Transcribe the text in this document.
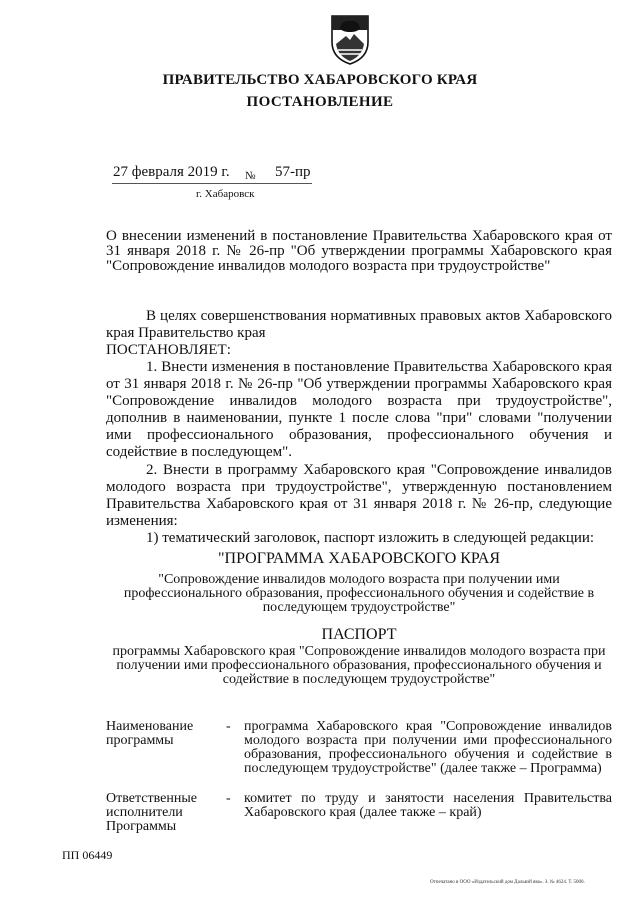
ПРАВИТЕЛЬСТВО ХАБАРОВСКОГО КРАЯ
ПОСТАНОВЛЕНИЕ
27 февраля 2019 г. № 57-пр
г. Хабаровск
О внесении изменений в постановление Правительства Хабаровского края от 31 января 2018 г. № 26-пр "Об утверждении программы Хабаровского края "Сопровождение инвалидов молодого возраста при трудоустройстве"
В целях совершенствования нормативных правовых актов Хабаровского края Правительство края
ПОСТАНОВЛЯЕТ:
1. Внести изменения в постановление Правительства Хабаровского края от 31 января 2018 г. № 26-пр "Об утверждении программы Хабаровского края "Сопровождение инвалидов молодого возраста при трудоустройстве", дополнив в наименовании, пункте 1 после слова "при" словами "получении ими профессионального образования, профессионального обучения и содействие в последующем".
2. Внести в программу Хабаровского края "Сопровождение инвалидов молодого возраста при трудоустройстве", утвержденную постановлением Правительства Хабаровского края от 31 января 2018 г. № 26-пр, следующие изменения:
1) тематический заголовок, паспорт изложить в следующей редакции:
"ПРОГРАММА ХАБАРОВСКОГО КРАЯ
"Сопровождение инвалидов молодого возраста при получении ими профессионального образования, профессионального обучения и содействие в последующем трудоустройстве"
ПАСПОРТ
программы Хабаровского края "Сопровождение инвалидов молодого возраста при получении ими профессионального образования, профессионального обучения и содействие в последующем трудоустройстве"
Наименование программы
- программа Хабаровского края "Сопровождение инвалидов молодого возраста при получении ими профессионального образования, профессионального обучения и содействие в последующем трудоустройстве" (далее также – Программа)
Ответственные исполнители Программы
- комитет по труду и занятости населения Правительства Хабаровского края (далее также – край)
ПП 06449
Отпечатано в ООО «Издательский дом Дальвэй ява». З. № 4624. Т. 5000.
